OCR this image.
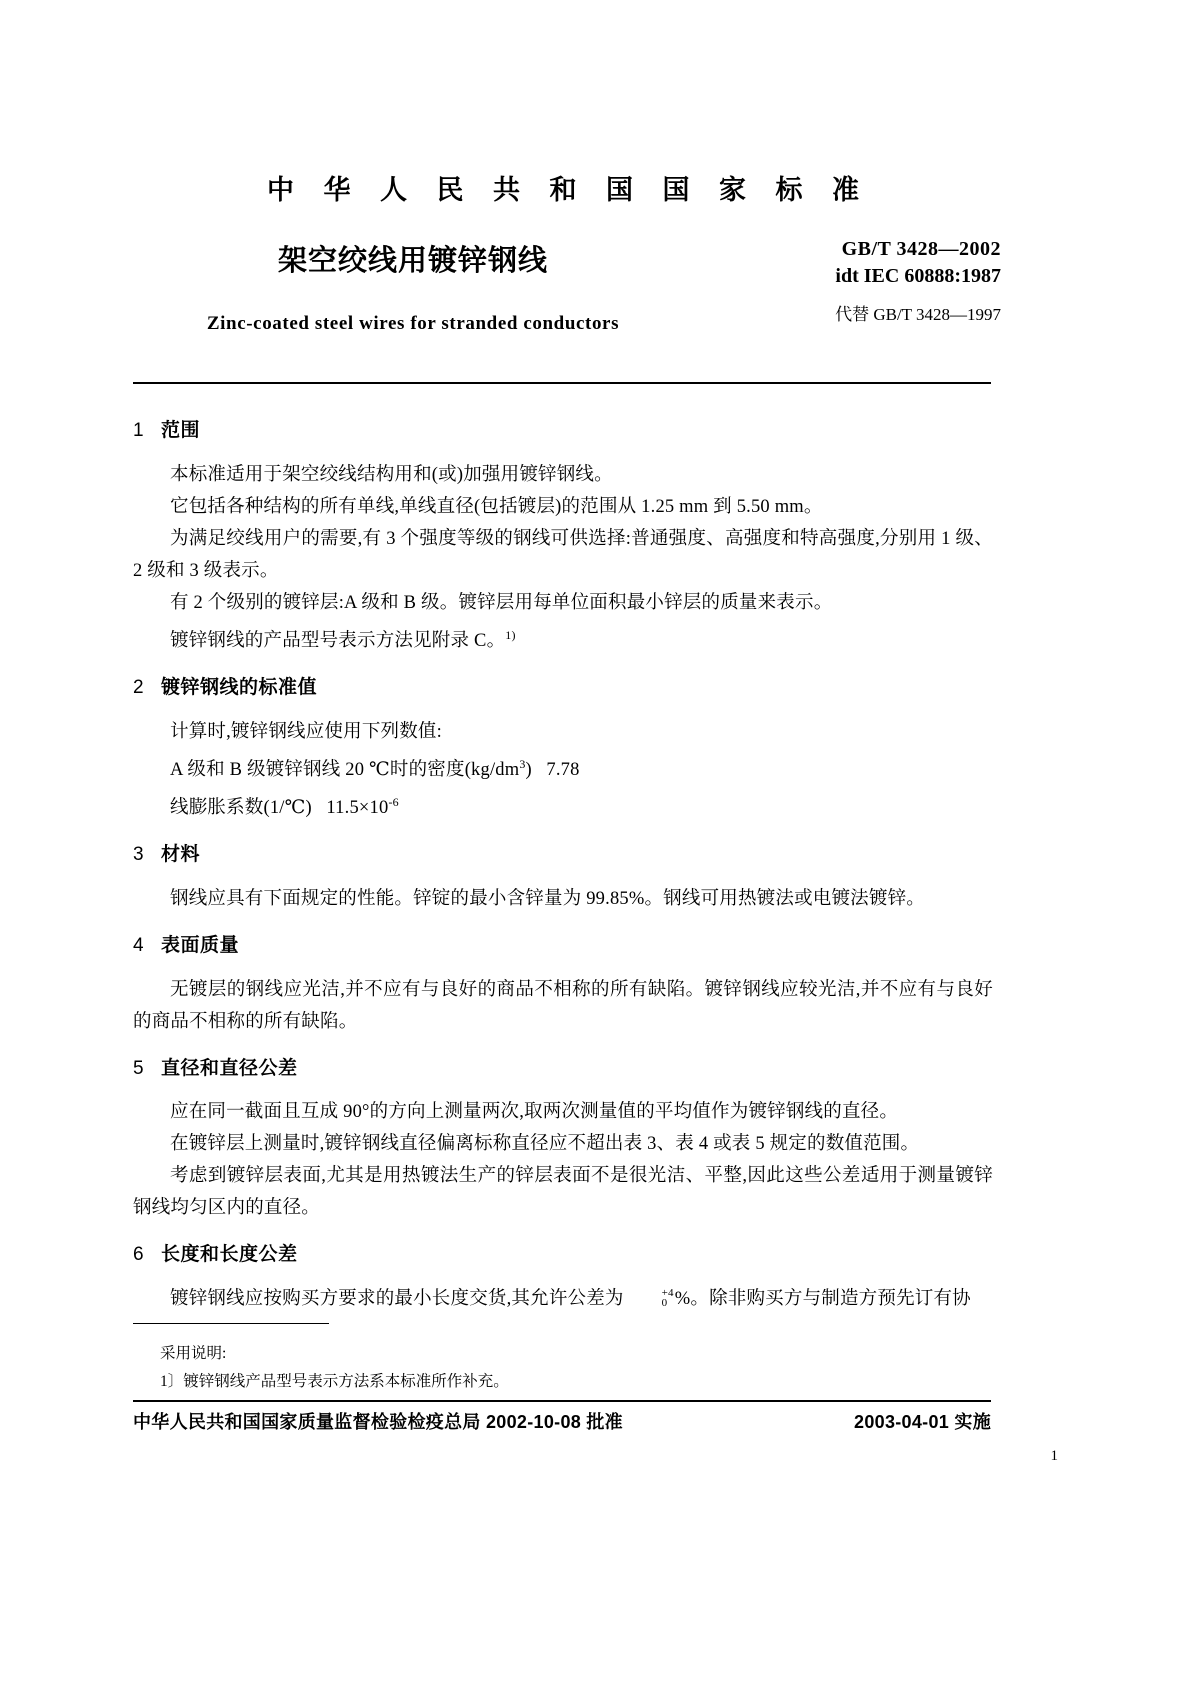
中 华 人 民 共 和 国 国 家 标 准
架空绞线用镀锌钢线
Zinc-coated steel wires for stranded conductors
GB/T 3428—2002
idt IEC 60888:1987
代替 GB/T 3428—1997
1 范围

本标准适用于架空绞线结构用和(或)加强用镀锌钢线。

它包括各种结构的所有单线,单线直径(包括镀层)的范围从 1.25 mm 到 5.50 mm。

为满足绞线用户的需要,有 3 个强度等级的钢线可供选择:普通强度、高强度和特高强度,分别用 1 级、2 级和 3 级表示。

有 2 个级别的镀锌层:A 级和 B 级。镀锌层用每单位面积最小锌层的质量来表示。

镀锌钢线的产品型号表示方法见附录 C。$^{1)}$

2 镀锌钢线的标准值

计算时,镀锌钢线应使用下列数值:

A 级和 B 级镀锌钢线 20 ℃时的密度$(kg/dm^3)$ 7.78

线膨胀系数(1/℃) $11.5\times 10^{-6}$

3 材料

钢线应具有下面规定的性能。锌锭的最小含锌量为 99.85%。钢线可用热镀法或电镀法镀锌。

4 表面质量

无镀层的钢线应光洁,并不应有与良好的商品不相称的所有缺陷。镀锌钢线应较光洁,并不应有与良好的商品不相称的所有缺陷。

5 直径和直径公差

应在同一截面且互成 90°的方向上测量两次,取两次测量值的平均值作为镀锌钢线的直径。

在镀锌层上测量时,镀锌钢线直径偏离标称直径应不超出表 3、表 4 或表 5 规定的数值范围。

考虑到镀锌层表面,尤其是用热镀法生产的锌层表面不是很光洁、平整,因此这些公差适用于测量镀锌钢线均匀区内的直径。

6 长度和长度公差

镀锌钢线应按购买方要求的最小长度交货,其允许公差为	+4
0 %。除非购买方与制造方预先订有协

采用说明:

1〕镀锌钢线产品型号表示方法系本标准所作补充。

中华人民共和国国家质量监督检验检疫总局 2002-10-08 批准	2003-04-01 实施
1
